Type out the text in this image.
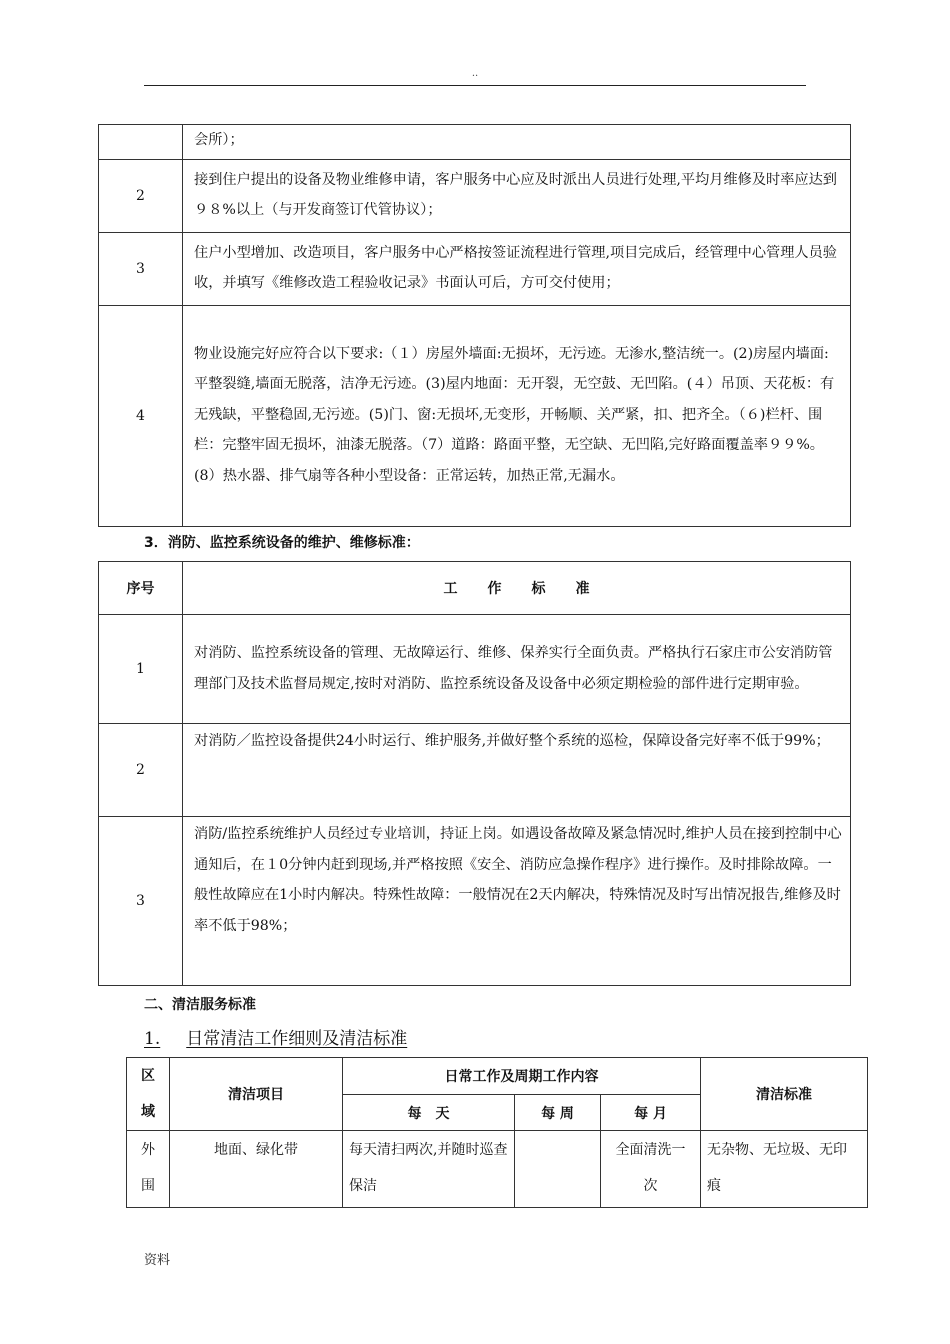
..
	会所）；
2	接到住户提出的设备及物业维修申请，客户服务中心应及时派出人员进行处理,平均月维修及时率应达到９８%以上（与开发商签订代管协议）；
3	住户小型增加、改造项目，客户服务中心严格按签证流程进行管理,项目完成后，经管理中心管理人员验收，并填写《维修改造工程验收记录》书面认可后，方可交付使用；
4	物业设施完好应符合以下要求:（１）房屋外墙面:无损坏，无污迹。无渗水,整洁统一。(2)房屋内墙面:平整裂缝,墙面无脱落，洁净无污迹。(3)屋内地面：无开裂，无空鼓、无凹陷。(４）吊顶、天花板：有无残缺，平整稳固,无污迹。(5)门、窗:无损坏,无变形，开畅顺、关严紧，扣、把齐全。（６)栏杆、围栏：完整牢固无损坏，油漆无脱落。（7）道路：路面平整，无空缺、无凹陷,完好路面覆盖率９９%。(8）热水器、排气扇等各种小型设备：正常运转，加热正常,无漏水。
3．消防、监控系统设备的维护、维修标准：
序号	工作标准
1	对消防、监控系统设备的管理、无故障运行、维修、保养实行全面负责。严格执行石家庄市公安消防管理部门及技术监督局规定,按时对消防、监控系统设备及设备中必须定期检验的部件进行定期审验。
2	对消防／监控设备提供24小时运行、维护服务,并做好整个系统的巡检，保障设备完好率不低于99%；
3	消防/监控系统维护人员经过专业培训，持证上岗。如遇设备故障及紧急情况时,维护人员在接到控制中心通知后，在１0分钟内赶到现场,并严格按照《安全、消防应急操作程序》进行操作。及时排除故障。一般性故障应在1小时内解决。特殊性故障：一般情况在2天内解决，特殊情况及时写出情况报告,维修及时率不低于98%；
二、清洁服务标准
1. 日常清洁工作细则及清洁标准
区域	清洁项目	日常工作及周期工作内容			清洁标准
		每　天	每 周	每 月	
外围	地面、绿化带	每天清扫两次,并随时巡查保洁		全面清洗一次	无杂物、无垃圾、无印痕
资料
